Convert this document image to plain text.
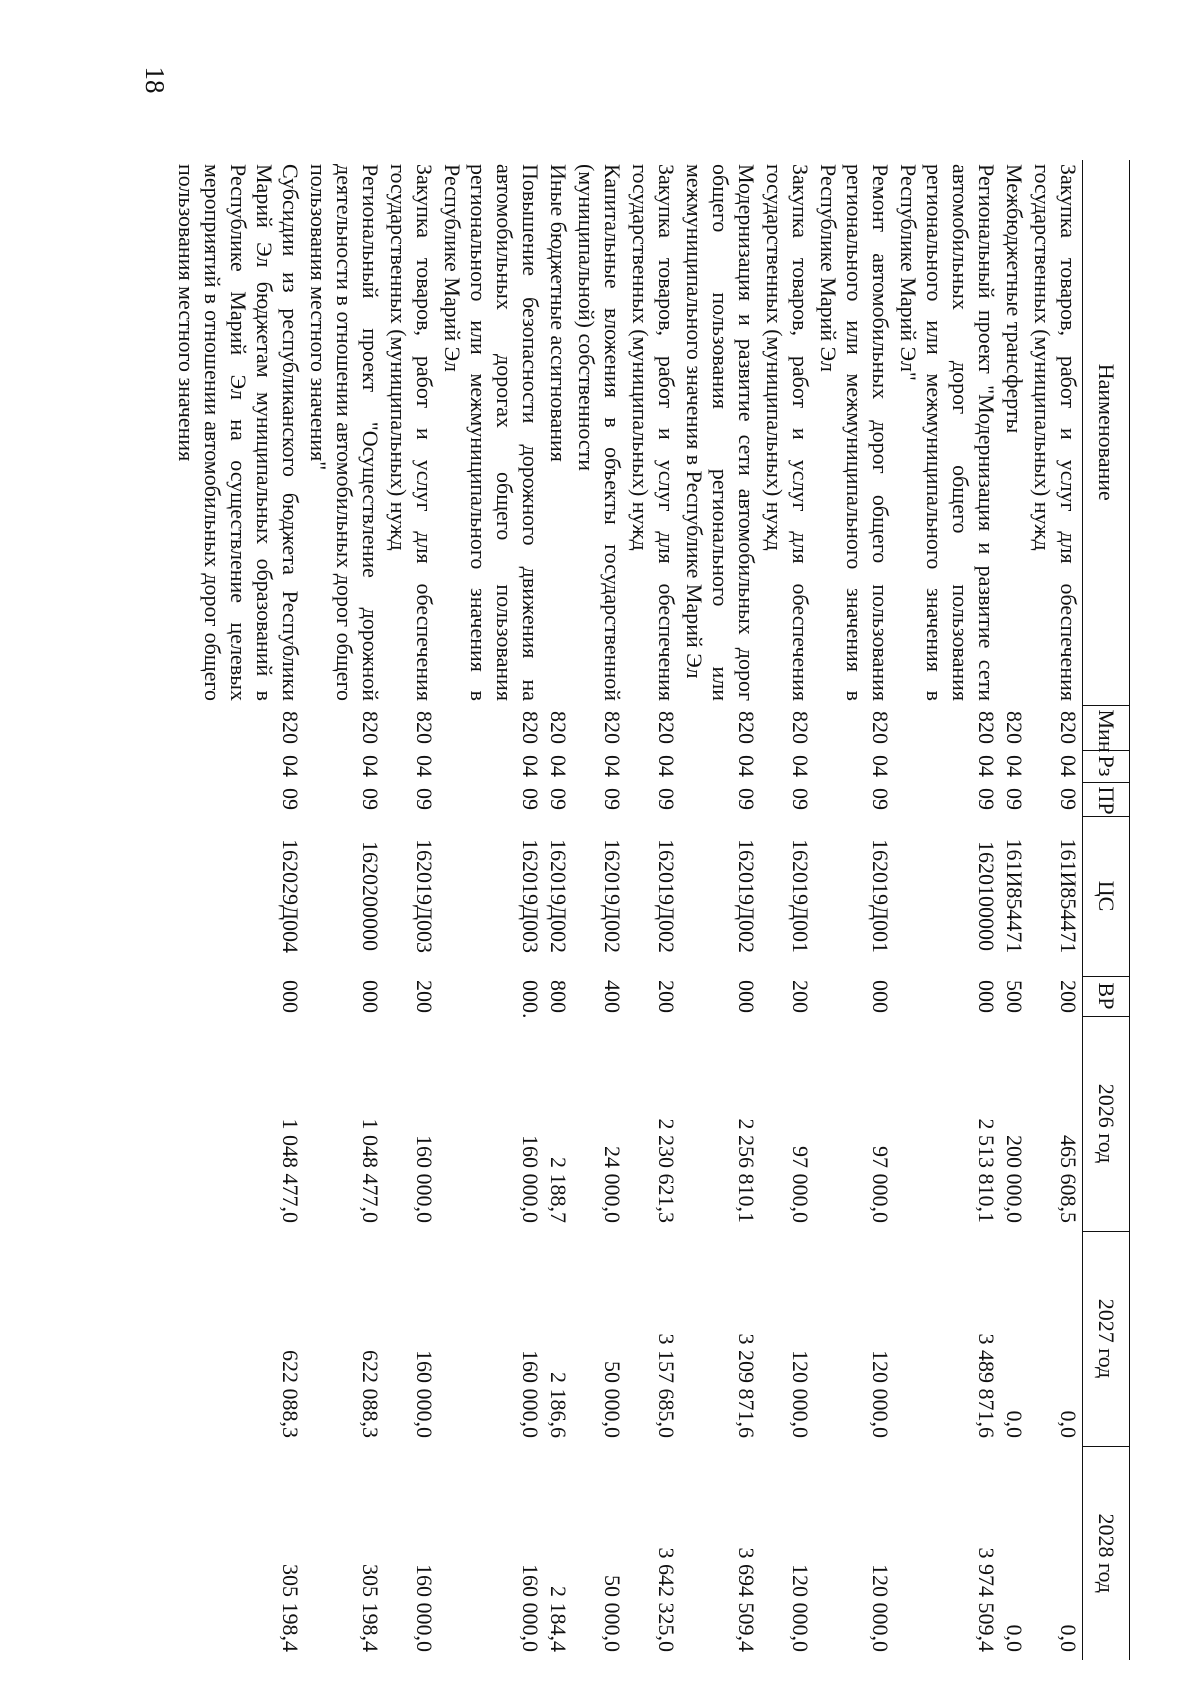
18
Наименование	Мин	Рз	ПР	ЦС	ВР	2026 год	2027 год	2028 год
Закупка товаров, работ и услуг для обеспечения государственных (муниципальных) нужд	820	04	09	161И854471	200	465 608,5	0,0	0,0
Межбюджетные трансферты	820	04	09	161И854471	500	200 000,0	0,0	0,0
Региональный проект "Модернизация и развитие сети автомобильных дорог общего пользования регионального или межмуниципального значения в Республике Марий Эл"	820	04	09	1620100000	000	2 513 810,1	3 489 871,6	3 974 509,4
Ремонт автомобильных дорог общего пользования регионального или межмуниципального значения в Республике Марий Эл	820	04	09	162019Д001	000	97 000,0	120 000,0	120 000,0
Закупка товаров, работ и услуг для обеспечения государственных (муниципальных) нужд	820	04	09	162019Д001	200	97 000,0	120 000,0	120 000,0
Модернизация и развитие сети автомобильных дорог общего пользования регионального или межмуниципального значения в Республике Марий Эл	820	04	09	162019Д002	000	2 256 810,1	3 209 871,6	3 694 509,4
Закупка товаров, работ и услуг для обеспечения государственных (муниципальных) нужд	820	04	09	162019Д002	200	2 230 621,3	3 157 685,0	3 642 325,0
Капитальные вложения в объекты государственной (муниципальной) собственности	820	04	09	162019Д002	400	24 000,0	50 000,0	50 000,0
Иные бюджетные ассигнования	820	04	09	162019Д002	800	2 188,7	2 186,6	2 184,4
Повышение безопасности дорожного движения на автомобильных дорогах общего пользования регионального или межмуниципального значения в Республике Марий Эл	820	04	09	162019Д003	000.	160 000,0	160 000,0	160 000,0
Закупка товаров, работ и услуг для обеспечения государственных (муниципальных) нужд	820	04	09	162019Д003	200	160 000,0	160 000,0	160 000,0
Региональный проект "Осуществление дорожной деятельности в отношении автомобильных дорог общего пользования местного значения"	820	04	09	1620200000	000	1 048 477,0	622 088,3	305 198,4
Субсидии из республиканского бюджета Республики Марий Эл бюджетам муниципальных образований в Республике Марий Эл на осуществление целевых мероприятий в отношении автомобильных дорог общего пользования местного значения	820	04	09	162029Д004	000	1 048 477,0	622 088,3	305 198,4
